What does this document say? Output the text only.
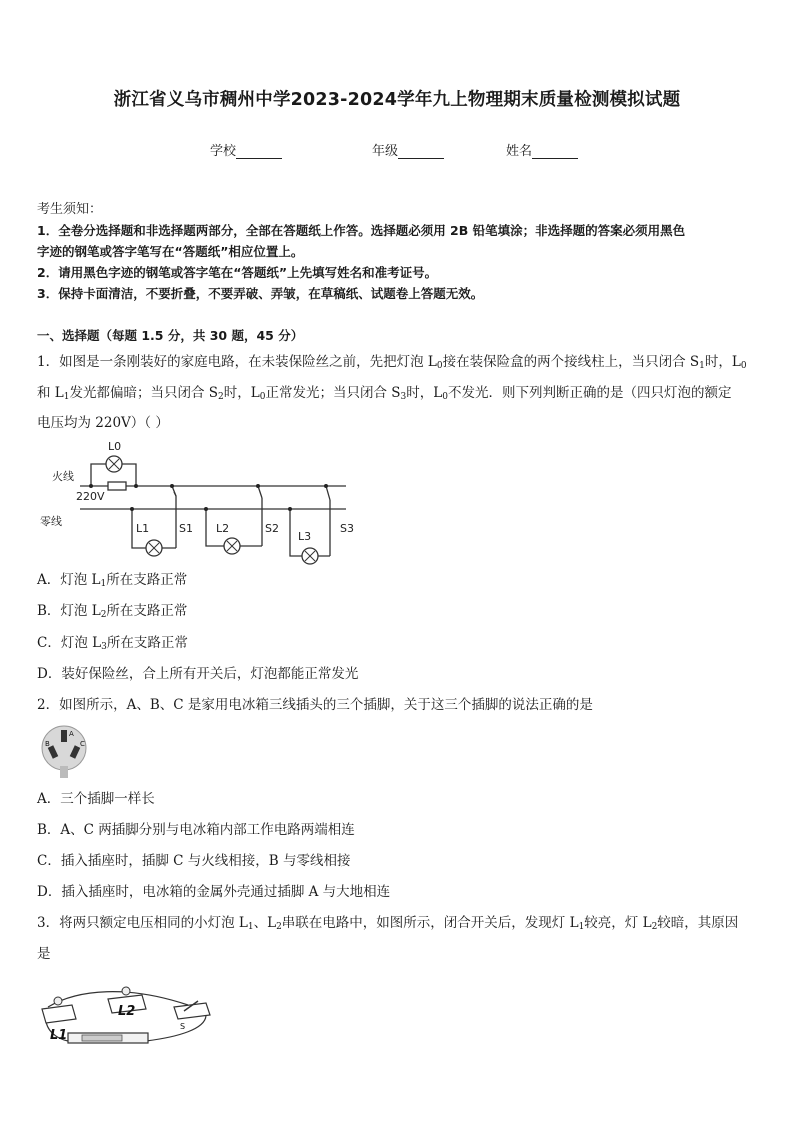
浙江省义乌市稠州中学2023-2024学年九上物理期末质量检测模拟试题
学校	年级	姓名
考生须知：
1．全卷分选择题和非选择题两部分，全部在答题纸上作答。选择题必须用 2B 铅笔填涂；非选择题的答案必须用黑色
字迹的钢笔或答字笔写在“答题纸”相应位置上。
2．请用黑色字迹的钢笔或答字笔在“答题纸”上先填写姓名和准考证号。
3．保持卡面清洁，不要折叠，不要弄破、弄皱，在草稿纸、试题卷上答题无效。
一、选择题（每题 1.5 分，共 30 题，45 分）
1．如图是一条刚装好的家庭电路，在未装保险丝之前，先把灯泡 $L_0$接在装保险盒的两个接线柱上，当只闭合 $S_1$时，$L_0$
和 $L_1$发光都偏暗；当只闭合 $S_2$时，$L_0$正常发光；当只闭合 $S_3$时，$L_0$不发光．则下列判断正确的是（四只灯泡的额定
电压均为 220V）（ ）
火线
零线
220V
L0
L1	S1 L2	S2
L3
S3
A．灯泡 $L_1$所在支路正常
B．灯泡 $L_2$所在支路正常
C．灯泡 $L_3$所在支路正常
D．装好保险丝，合上所有开关后，灯泡都能正常发光
2．如图所示，A、B、C 是家用电冰箱三线插头的三个插脚，关于这三个插脚的说法正确的是
A
B	C
A．三个插脚一样长
B．A、C 两插脚分别与电冰箱内部工作电路两端相连
C．插入插座时，插脚 C 与火线相接，B 与零线相接
D．插入插座时，电冰箱的金属外壳通过插脚 A 与大地相连
3．将两只额定电压相同的小灯泡 $L_1$、$L_2$串联在电路中，如图所示，闭合开关后，发现灯 $L_1$较亮，灯 $L_2$较暗，其原因
是
L1
L2
S
